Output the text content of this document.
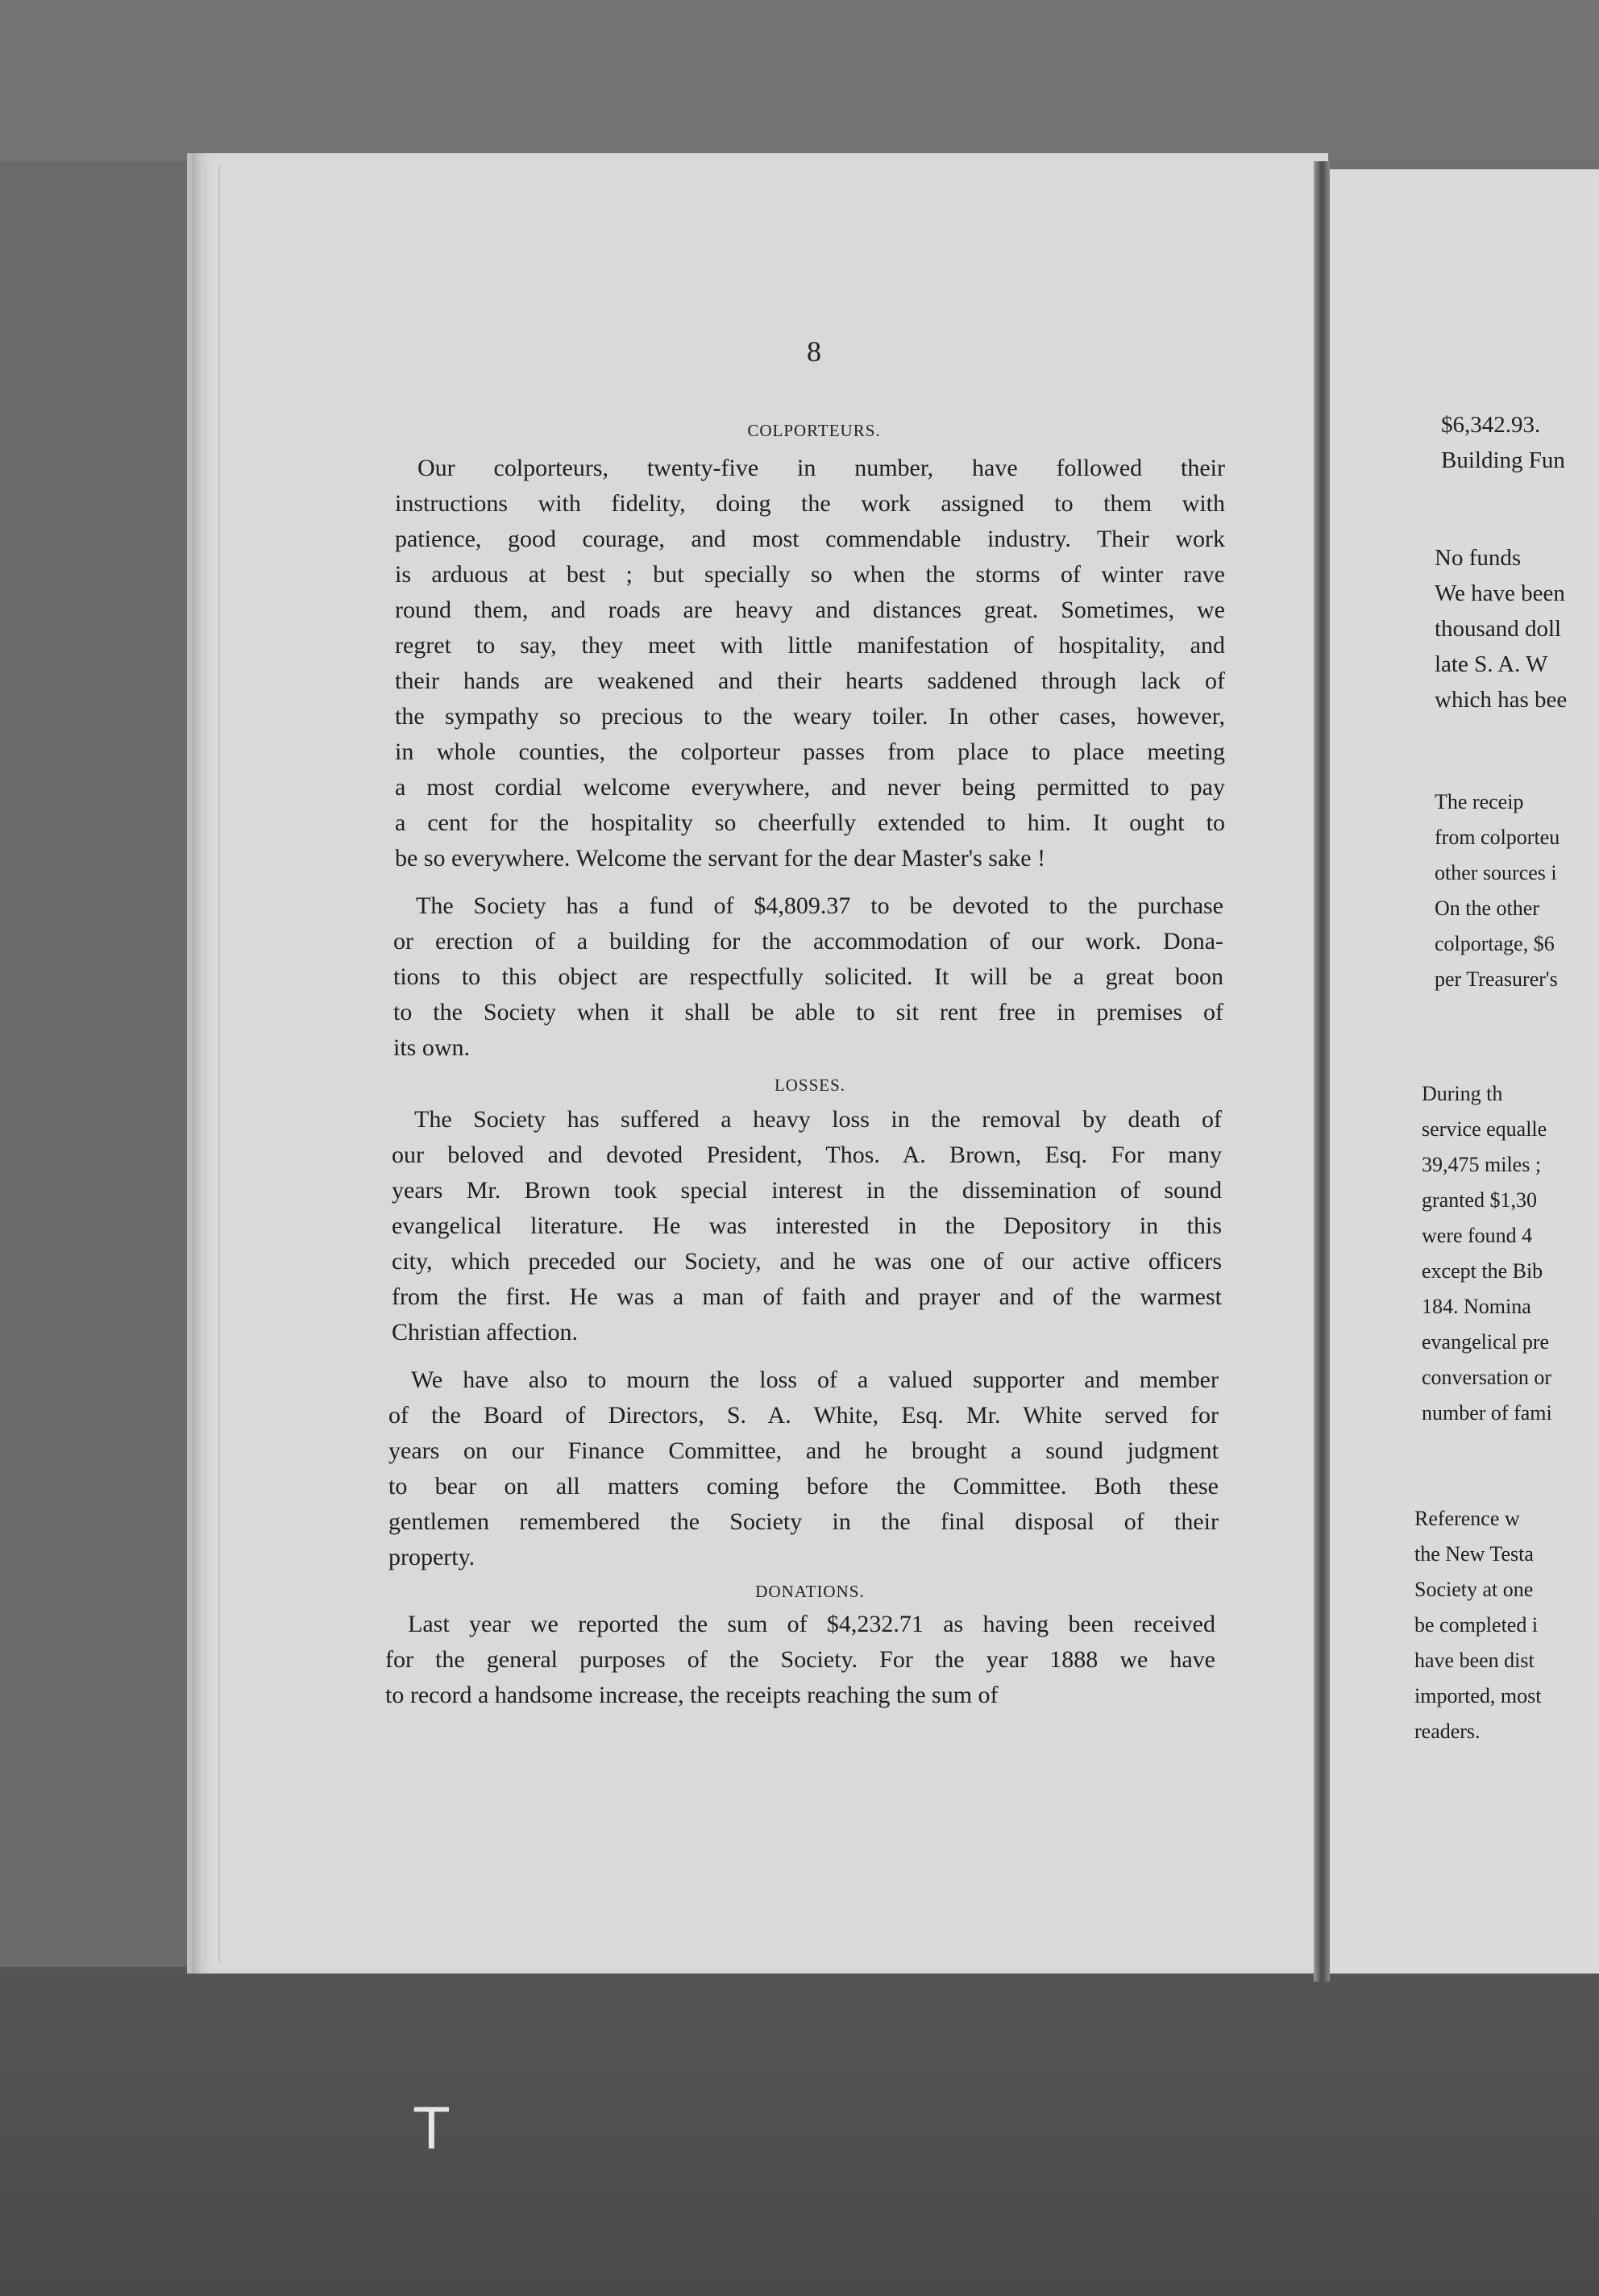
8
COLPORTEURS.

Our colporteurs, twenty-five in number, have followed their
instructions with fidelity, doing the work assigned to them with
patience, good courage, and most commendable industry. Their work
is arduous at best ; but specially so when the storms of winter rave
round them, and roads are heavy and distances great. Sometimes, we
regret to say, they meet with little manifestation of hospitality, and
their hands are weakened and their hearts saddened through lack of
the sympathy so precious to the weary toiler. In other cases, however,
in whole counties, the colporteur passes from place to place meeting
a most cordial welcome everywhere, and never being permitted to pay
a cent for the hospitality so cheerfully extended to him. It ought to
be so everywhere. Welcome the servant for the dear Master's sake !

The Society has a fund of $4,809.37 to be devoted to the purchase
or erection of a building for the accommodation of our work. Dona-
tions to this object are respectfully solicited. It will be a great boon
to the Society when it shall be able to sit rent free in premises of
its own.

LOSSES.

The Society has suffered a heavy loss in the removal by death of
our beloved and devoted President, Thos. A. Brown, Esq. For many
years Mr. Brown took special interest in the dissemination of sound
evangelical literature. He was interested in the Depository in this
city, which preceded our Society, and he was one of our active officers
from the first. He was a man of faith and prayer and of the warmest
Christian affection.

We have also to mourn the loss of a valued supporter and member
of the Board of Directors, S. A. White, Esq. Mr. White served for
years on our Finance Committee, and he brought a sound judgment
to bear on all matters coming before the Committee. Both these
gentlemen remembered the Society in the final disposal of their
property.

DONATIONS.

Last year we reported the sum of $4,232.71 as having been received
for the general purposes of the Society. For the year 1888 we have
to record a handsome increase, the receipts reaching the sum of

$6,342.93.
Building Fun

No funds
We have been
thousand doll
late S. A. W
which has bee

The receip
from colporteu
other sources i
On the other
colportage, $6
per Treasurer's

During th
service equalle
39,475 miles ;
granted $1,30
were found 4
except the Bib
184. Nomina
evangelical pre
conversation or
number of fami

Reference w
the New Testa
Society at one
be completed i
have been dist
imported, most
readers.

T
